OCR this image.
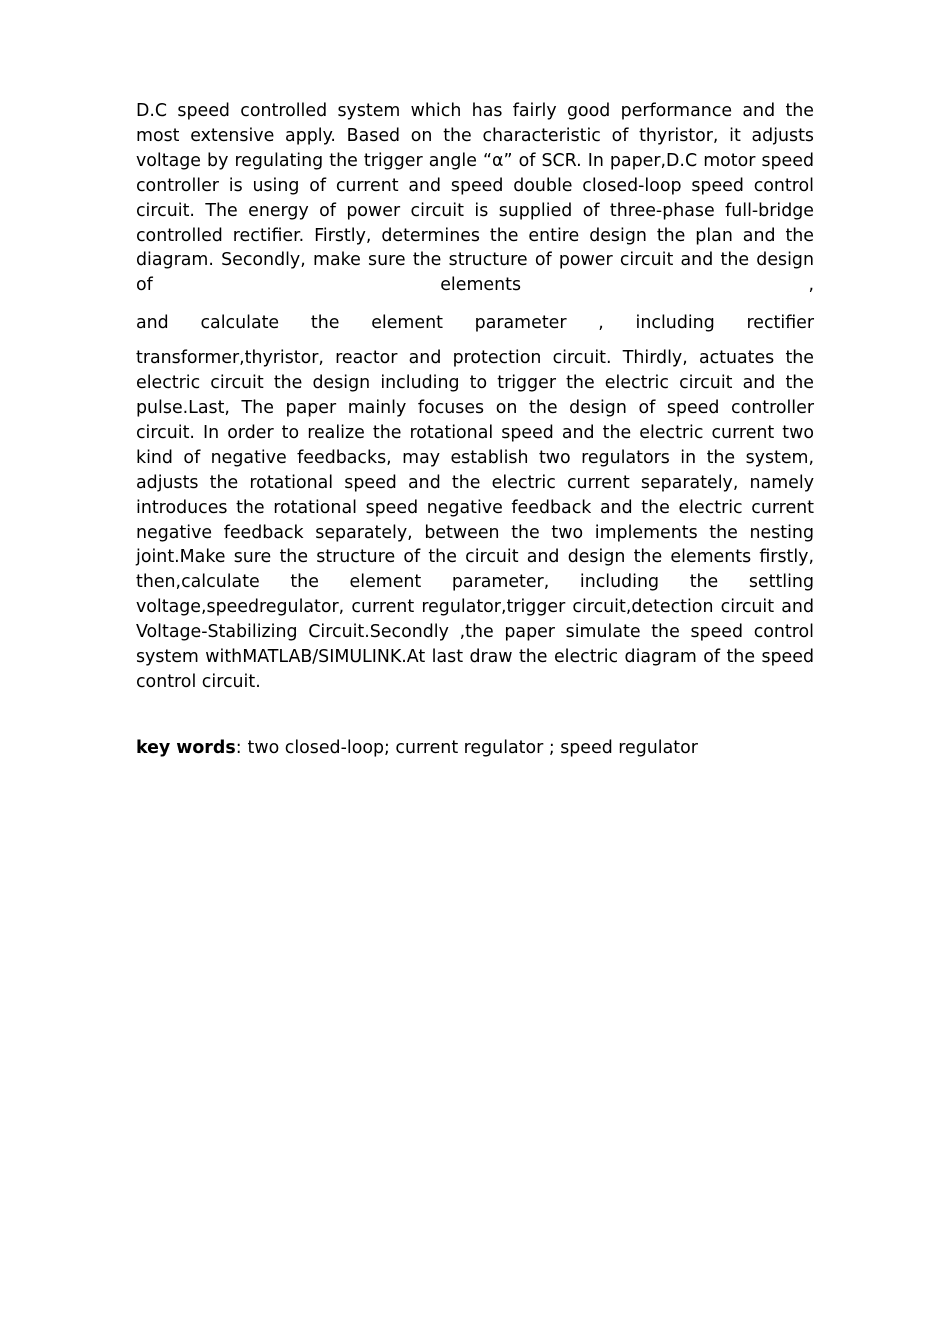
D.C speed controlled system which has fairly good performance and the most extensive apply. Based on the characteristic of thyristor, it adjusts voltage by regulating the trigger angle “α” of SCR. In paper,D.C motor speed controller is using of current and speed double closed-loop speed control circuit. The energy of power circuit is supplied of three-phase full-bridge controlled rectifier. Firstly, determines the entire design the plan and the diagram. Secondly, make sure the structure of power circuit and the design of elements ,

and calculate the element parameter , including rectifier

transformer,thyristor, reactor and protection circuit. Thirdly, actuates the electric circuit the design including to trigger the electric circuit and the pulse.Last, The paper mainly focuses on the design of speed controller circuit. In order to realize the rotational speed and the electric current two kind of negative feedbacks, may establish two regulators in the system, adjusts the rotational speed and the electric current separately, namely introduces the rotational speed negative feedback and the electric current negative feedback separately, between the two implements the nesting joint.Make sure the structure of the circuit and design the elements firstly, then,calculate the element parameter, including the settling voltage,speedregulator, current regulator,trigger circuit,detection circuit and Voltage-Stabilizing Circuit.Secondly ,the paper simulate the speed control system withMATLAB/SIMULINK.At last draw the electric diagram of the speed control circuit.

key words: two closed-loop; current regulator ; speed regulator
